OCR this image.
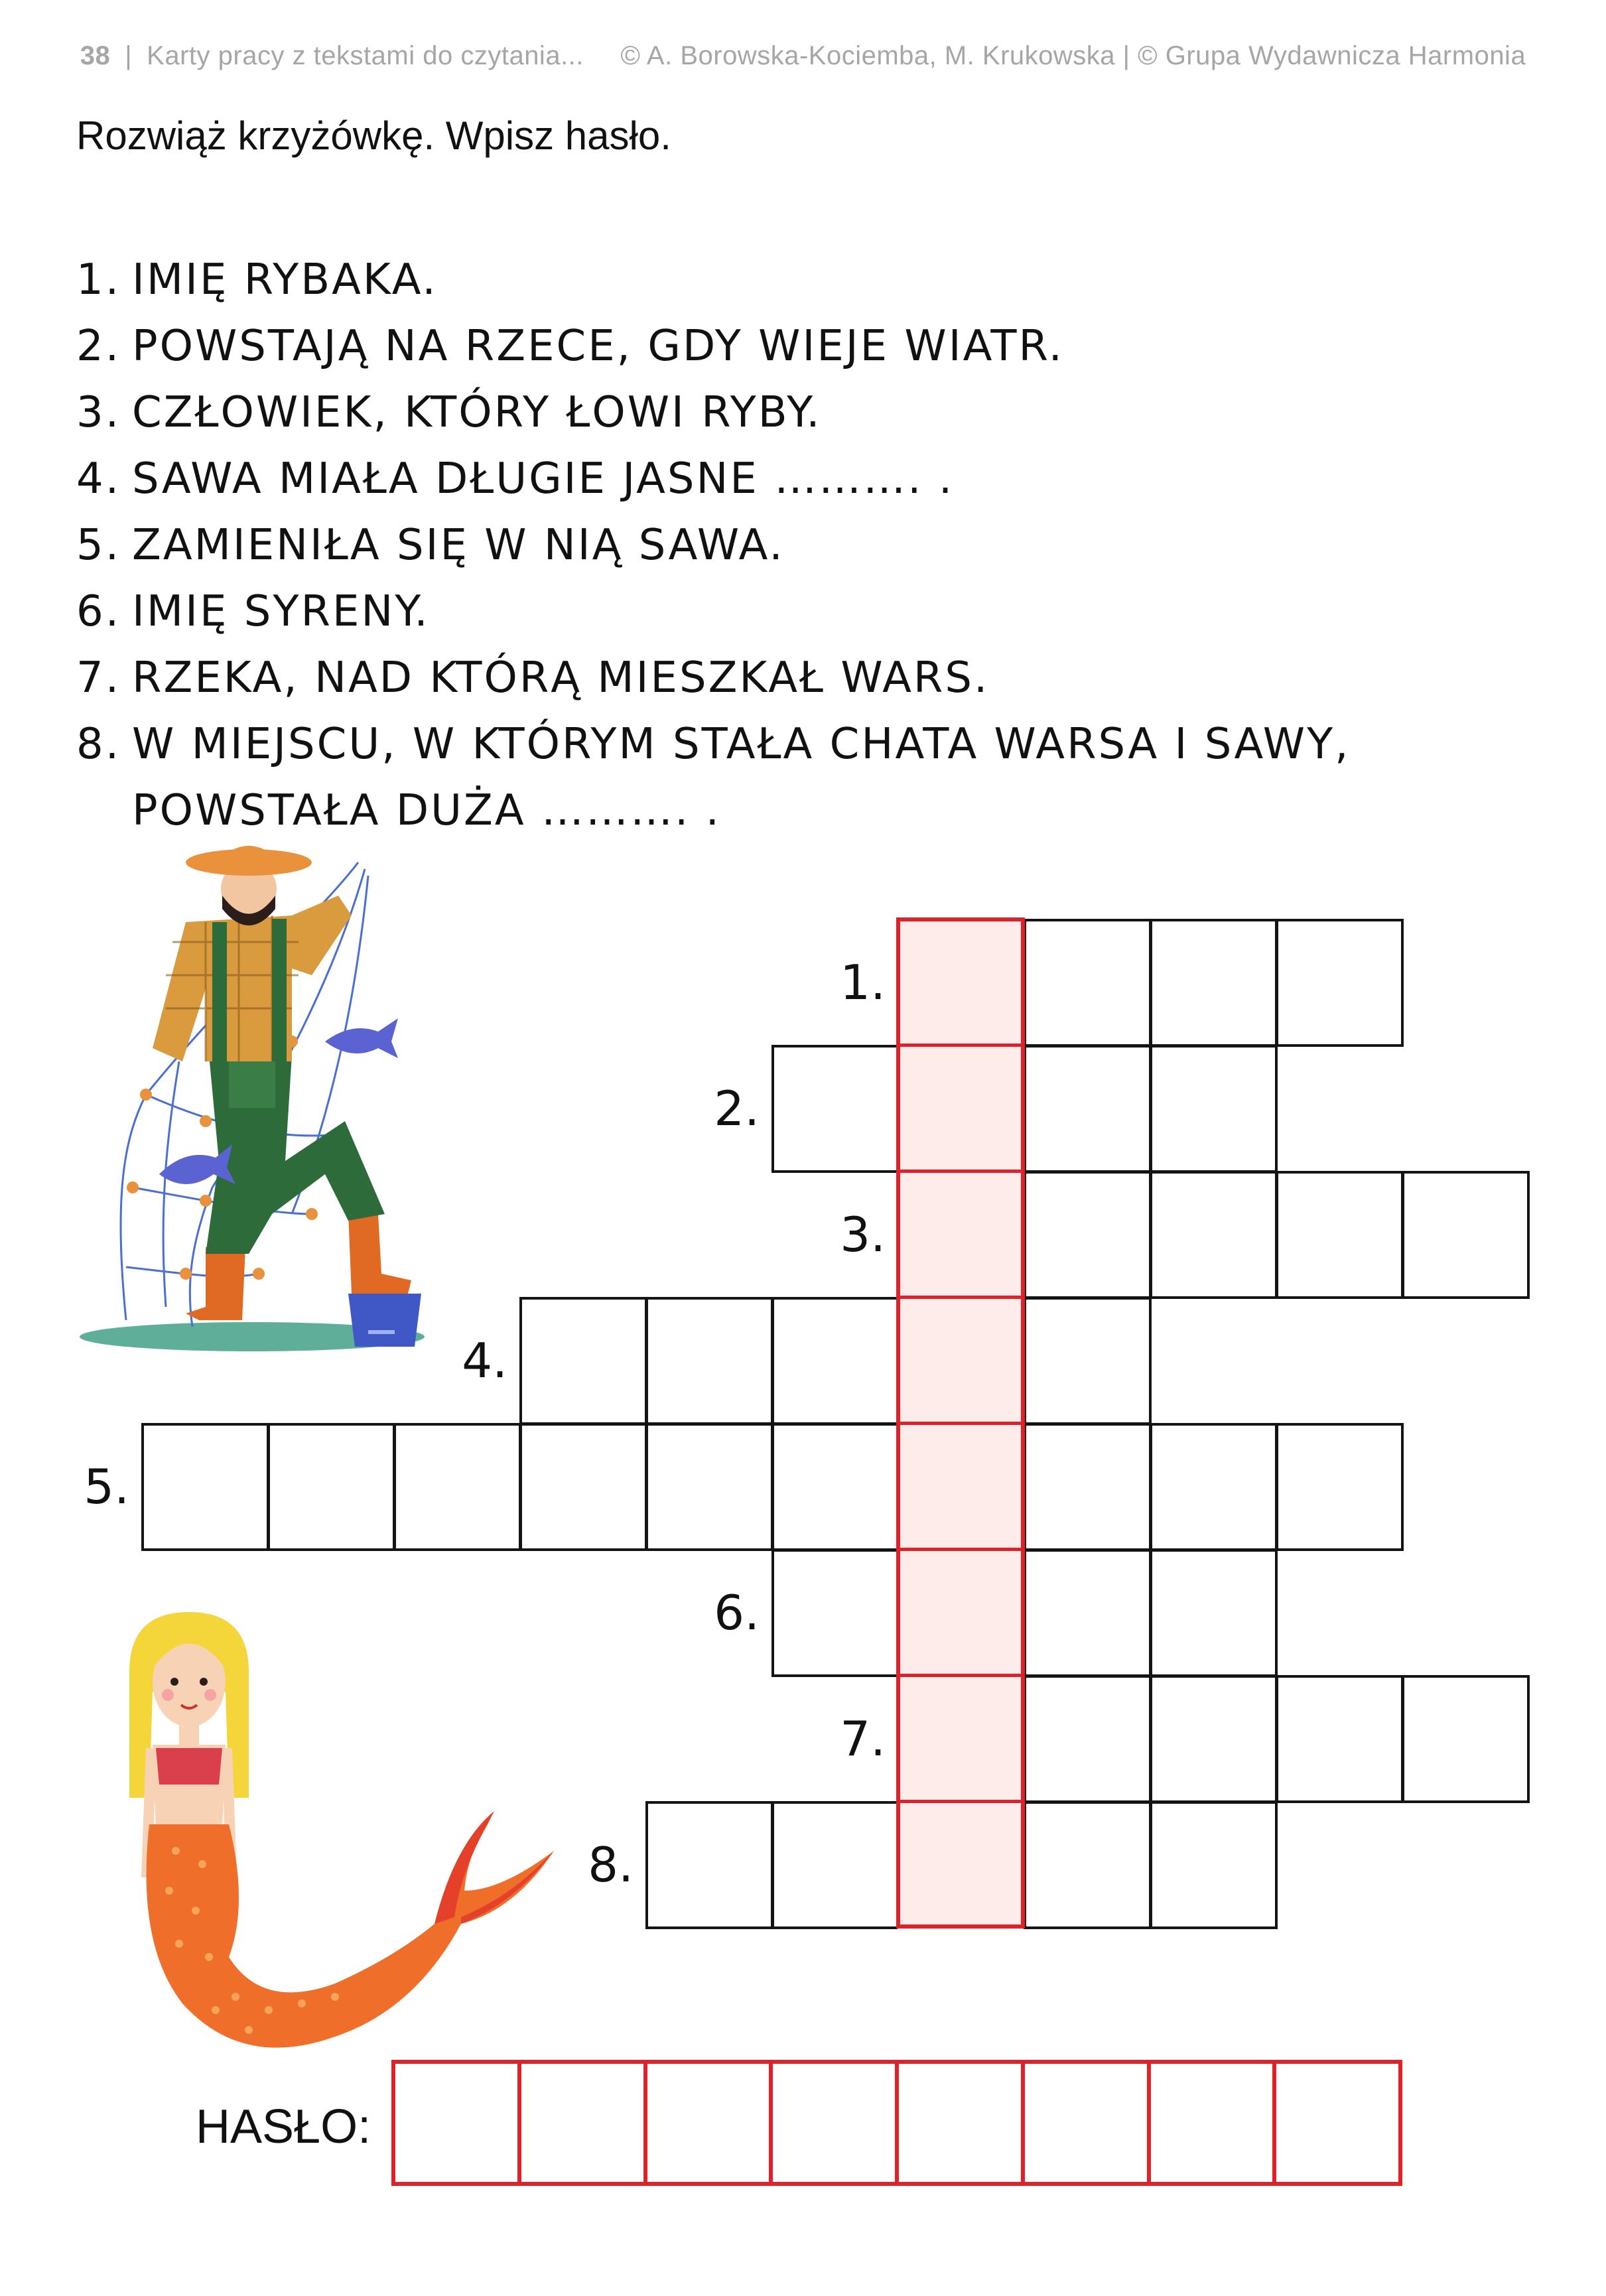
38 | Karty pracy z tekstami do czytania... © A. Borowska-Kociemba, M. Krukowska | © Grupa Wydawnicza Harmonia
Rozwiąż krzyżówkę. Wpisz hasło.
1. IMIĘ RYBAKA.
2. POWSTAJĄ NA RZECE, GDY WIEJE WIATR.
3. CZŁOWIEK, KTÓRY ŁOWI RYBY.
4. SAWA MIAŁA DŁUGIE JASNE ………. .
5. ZAMIENIŁA SIĘ W NIĄ SAWA.
6. IMIĘ SYRENY.
7. RZEKA, NAD KTÓRĄ MIESZKAŁ WARS.
8. W MIEJSCU, W KTÓRYM STAŁA CHATA WARSA I SAWY,
POWSTAŁA DUŻA ………. .
1.
2.
3.
4.
5.
6.
7.
8.
HASŁO:
